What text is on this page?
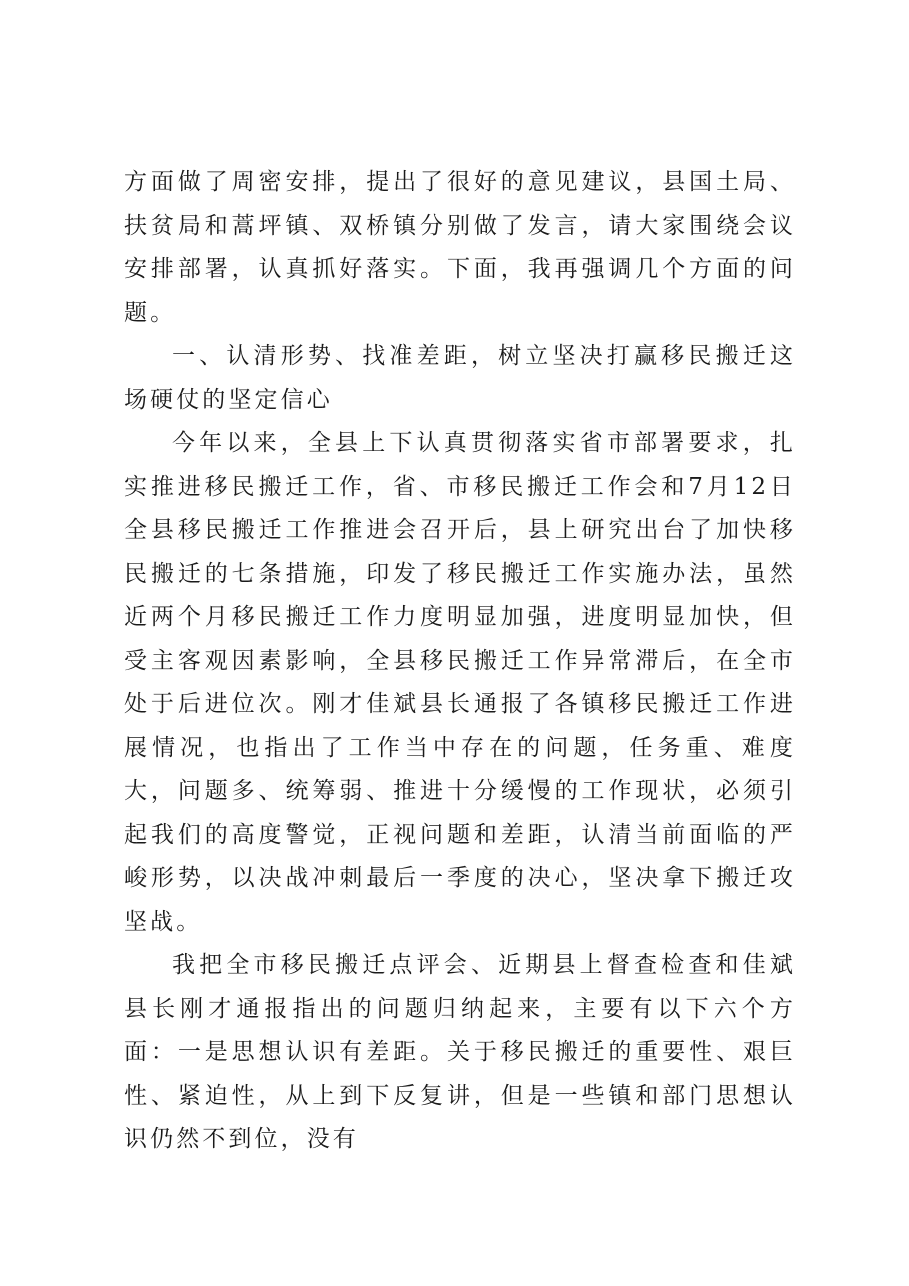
方面做了周密安排，提出了很好的意见建议，县国土局、扶贫局和蒿坪镇、双桥镇分别做了发言，请大家围绕会议安排部署，认真抓好落实。下面，我再强调几个方面的问题。

一、认清形势、找准差距，树立坚决打赢移民搬迁这场硬仗的坚定信心

今年以来，全县上下认真贯彻落实省市部署要求，扎实推进移民搬迁工作，省、市移民搬迁工作会和7月12日全县移民搬迁工作推进会召开后，县上研究出台了加快移民搬迁的七条措施，印发了移民搬迁工作实施办法，虽然近两个月移民搬迁工作力度明显加强，进度明显加快，但受主客观因素影响，全县移民搬迁工作异常滞后，在全市处于后进位次。刚才佳斌县长通报了各镇移民搬迁工作进展情况，也指出了工作当中存在的问题，任务重、难度大，问题多、统筹弱、推进十分缓慢的工作现状，必须引起我们的高度警觉，正视问题和差距，认清当前面临的严峻形势，以决战冲刺最后一季度的决心，坚决拿下搬迁攻坚战。

我把全市移民搬迁点评会、近期县上督查检查和佳斌县长刚才通报指出的问题归纳起来，主要有以下六个方面：一是思想认识有差距。关于移民搬迁的重要性、艰巨性、紧迫性，从上到下反复讲，但是一些镇和部门思想认识仍然不到位，没有
